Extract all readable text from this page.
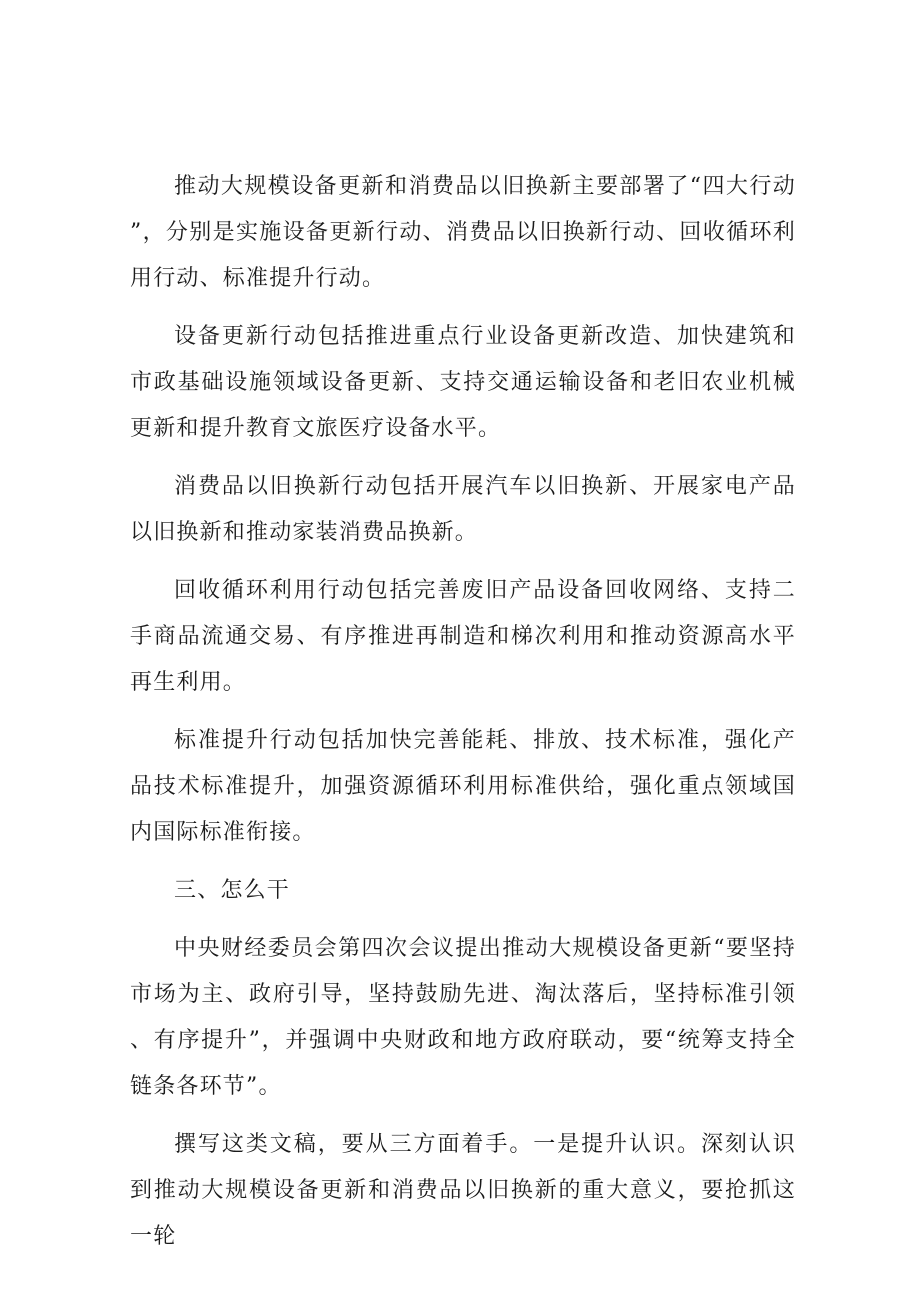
推动大规模设备更新和消费品以旧换新主要部署了“四大行动”，分别是实施设备更新行动、消费品以旧换新行动、回收循环利用行动、标准提升行动。

设备更新行动包括推进重点行业设备更新改造、加快建筑和市政基础设施领域设备更新、支持交通运输设备和老旧农业机械更新和提升教育文旅医疗设备水平。

消费品以旧换新行动包括开展汽车以旧换新、开展家电产品以旧换新和推动家装消费品换新。

回收循环利用行动包括完善废旧产品设备回收网络、支持二手商品流通交易、有序推进再制造和梯次利用和推动资源高水平再生利用。

标准提升行动包括加快完善能耗、排放、技术标准，强化产品技术标准提升，加强资源循环利用标准供给，强化重点领域国内国际标准衔接。

三、怎么干

中央财经委员会第四次会议提出推动大规模设备更新“要坚持市场为主、政府引导，坚持鼓励先进、淘汰落后，坚持标准引领、有序提升”，并强调中央财政和地方政府联动，要“统筹支持全链条各环节”。

撰写这类文稿，要从三方面着手。一是提升认识。深刻认识到推动大规模设备更新和消费品以旧换新的重大意义，要抢抓这一轮
